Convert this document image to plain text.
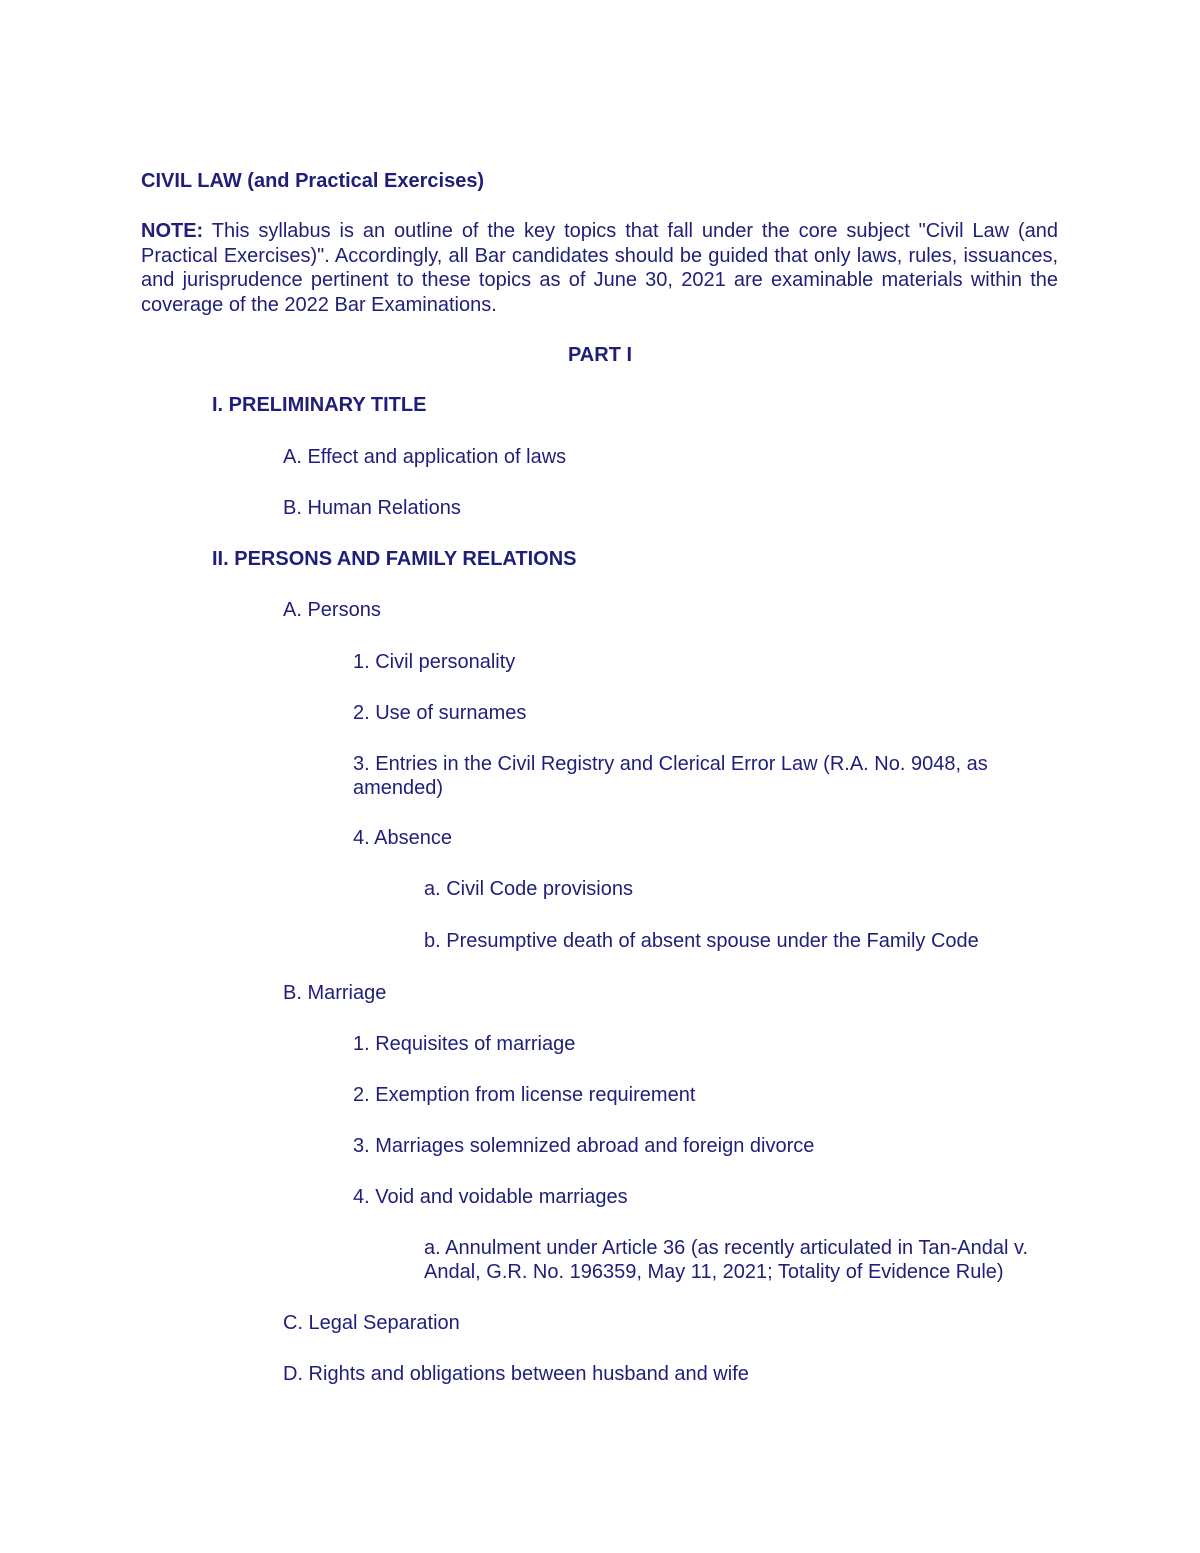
CIVIL LAW (and Practical Exercises)
NOTE: This syllabus is an outline of the key topics that fall under the core subject "Civil Law (and Practical Exercises)". Accordingly, all Bar candidates should be guided that only laws, rules, issuances, and jurisprudence pertinent to these topics as of June 30, 2021 are examinable materials within the coverage of the 2022 Bar Examinations.
PART I
I. PRELIMINARY TITLE
A. Effect and application of laws
B. Human Relations
II. PERSONS AND FAMILY RELATIONS
A. Persons
1. Civil personality
2. Use of surnames
3. Entries in the Civil Registry and Clerical Error Law (R.A. No. 9048, as amended)
4. Absence
a. Civil Code provisions
b. Presumptive death of absent spouse under the Family Code
B. Marriage
1. Requisites of marriage
2. Exemption from license requirement
3. Marriages solemnized abroad and foreign divorce
4. Void and voidable marriages
a. Annulment under Article 36 (as recently articulated in Tan-Andal v. Andal, G.R. No. 196359, May 11, 2021; Totality of Evidence Rule)
C. Legal Separation
D. Rights and obligations between husband and wife
